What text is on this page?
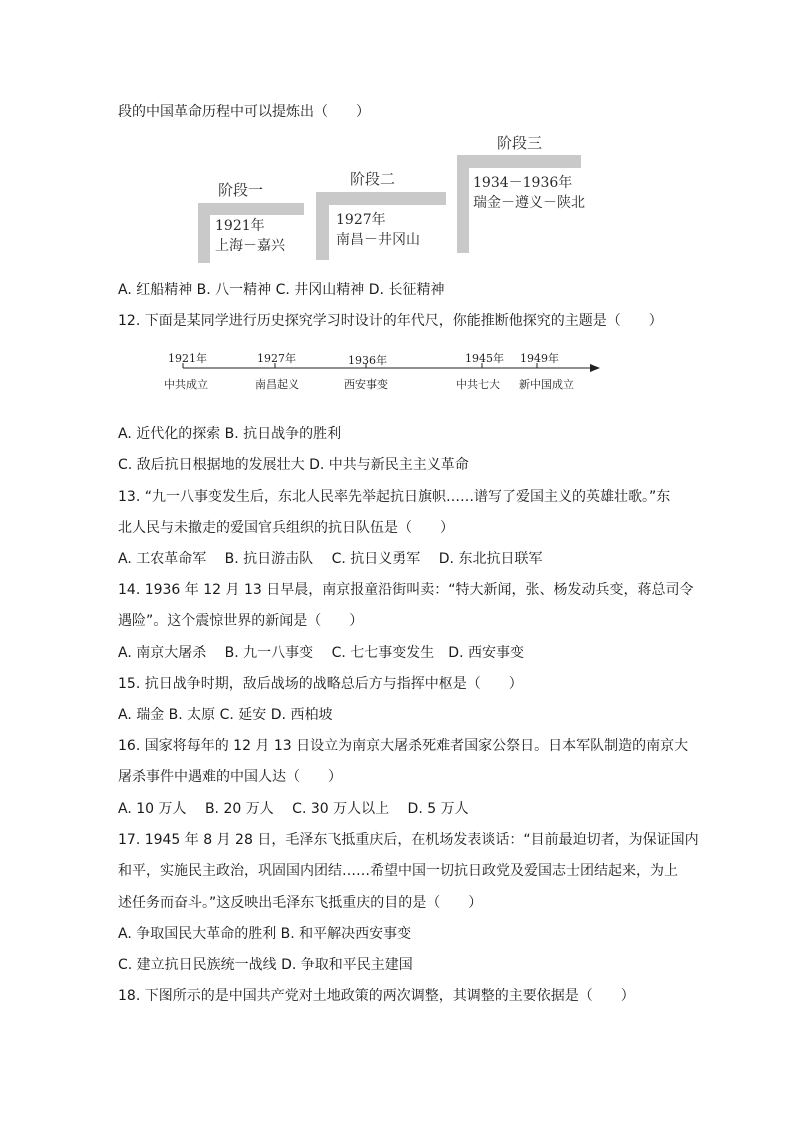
段的中国革命历程中可以提炼出（　　）
阶段三
1934－1936年
瑞金－遵义－陕北
阶段二
1927年
南昌－井冈山
阶段一
1921年
上海－嘉兴
A. 红船精神 B. 八一精神 C. 井冈山精神 D. 长征精神
12. 下面是某同学进行历史探究学习时设计的年代尺，你能推断他探究的主题是（　　）
1921年	1927年	1936年	1945年 1949年
中共成立	南昌起义	西安事变	中共七大 新中国成立
A. 近代化的探索 B. 抗日战争的胜利
C. 敌后抗日根据地的发展壮大 D. 中共与新民主主义革命
13. “九一八事变发生后，东北人民率先举起抗日旗帜……谱写了爱国主义的英雄壮歌。”东
北人民与未撤走的爱国官兵组织的抗日队伍是（　　）
A. 工农革命军　 B. 抗日游击队　 C. 抗日义勇军　 D. 东北抗日联军
14. 1936 年 12 月 13 日早晨，南京报童沿街叫卖：“特大新闻，张、杨发动兵变，蒋总司令
遇险”。这个震惊世界的新闻是（　　）
A. 南京大屠杀　 B. 九一八事变　 C. 七七事变发生　D. 西安事变
15. 抗日战争时期，敌后战场的战略总后方与指挥中枢是（　　）
A. 瑞金 B. 太原 C. 延安 D. 西柏坡
16. 国家将每年的 12 月 13 日设立为南京大屠杀死难者国家公祭日。日本军队制造的南京大
屠杀事件中遇难的中国人达（　　）
A. 10 万人　 B. 20 万人　 C. 30 万人以上　 D. 5 万人
17. 1945 年 8 月 28 日，毛泽东飞抵重庆后，在机场发表谈话：“目前最迫切者，为保证国内
和平，实施民主政治，巩固国内团结……希望中国一切抗日政党及爱国志士团结起来，为上
述任务而奋斗。”这反映出毛泽东飞抵重庆的目的是（　　）
A. 争取国民大革命的胜利 B. 和平解决西安事变
C. 建立抗日民族统一战线 D. 争取和平民主建国
18. 下图所示的是中国共产党对土地政策的两次调整，其调整的主要依据是（　　）
